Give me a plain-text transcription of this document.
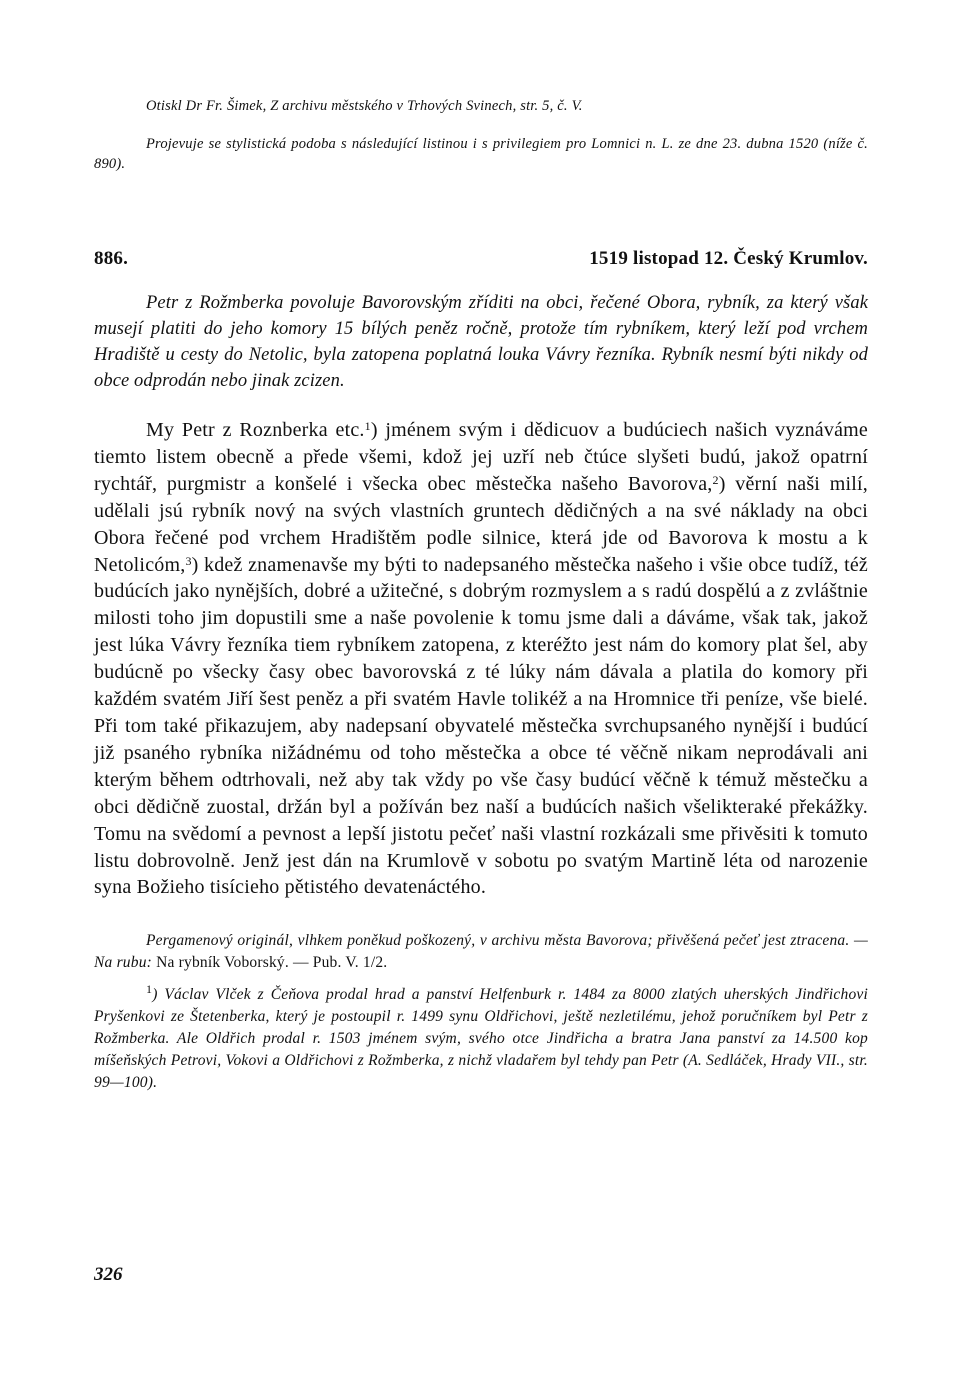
Otiskl Dr Fr. Šimek, Z archivu městského v Trhových Svinech, str. 5, č. V.

Projevuje se stylistická podoba s následující listinou i s privilegiem pro Lomnici n. L. ze dne 23. dubna 1520 (níže č. 890).

886.	1519 listopad 12. Český Krumlov.

Petr z Rožmberka povoluje Bavorovským zříditi na obci, řečené Obora, rybník, za který však musejí platiti do jeho komory 15 bílých peněz ročně, protože tím rybníkem, který leží pod vrchem Hradiště u cesty do Netolic, byla zatopena poplatná louka Vávry řezníka. Rybník nesmí býti nikdy od obce odprodán nebo jinak zcizen.

My Petr z Roznberka etc.$^1$) jménem svým i dědicuov a budúciech našich vyznáváme tiemto listem obecně a přede všemi, kdož jej uzří neb čtúce slyšeti budú, jakož opatrní rychtář, purgmistr a konšelé i všecka obec městečka našeho Bavorova,$^2$) věrní naši milí, udělali jsú rybník nový na svých vlastních gruntech dědičných a na své náklady na obci Obora řečené pod vrchem Hradištěm podle silnice, která jde od Bavorova k mostu a k Netolicóm,$^3$) kdež znamenavše my býti to nadepsaného městečka našeho i všie obce tudíž, též budúcích jako nynějších, dobré a užitečné, s dobrým rozmyslem a s radú dospělú a z zvláštnie milosti toho jim dopustili sme a naše povolenie k tomu jsme dali a dáváme, však tak, jakož jest lúka Vávry řezníka tiem rybníkem zatopena, z kteréžto jest nám do komory plat šel, aby budúcně po všecky časy obec bavorovská z té lúky nám dávala a platila do komory při každém svatém Jiří šest peněz a při svatém Havle tolikéž a na Hromnice tři peníze, vše bielé. Při tom také přikazujem, aby nadepsaní obyvatelé městečka svrchupsaného nynější i budúcí již psaného rybníka nižádnému od toho městečka a obce té věčně nikam neprodávali ani kterým během odtrhovali, než aby tak vždy po vše časy budúcí věčně k témuž městečku a obci dědičně zuostal, držán byl a požíván bez naší a budúcích našich všelikteraké překážky. Tomu na svědomí a pevnost a lepší jistotu pečeť naši vlastní rozkázali sme přivěsiti k tomuto listu dobrovolně. Jenž jest dán na Krumlově v sobotu po svatým Martině léta od narozenie syna Božieho tisícieho pětistého devatenáctého.

Pergamenový originál, vlhkem poněkud poškozený, v archivu města Bavorova; přivěšená pečeť jest ztracena. — Na rubu: Na rybník Voborský. — Pub. V. 1/2.

$^1$) Václav Vlček z Čeňova prodal hrad a panství Helfenburk r. 1484 za 8000 zlatých uherských Jindřichovi Pryšenkovi ze Štetenberka, který je postoupil r. 1499 synu Oldřichovi, ještě nezletilému, jehož poručníkem byl Petr z Rožmberka. Ale Oldřich prodal r. 1503 jménem svým, svého otce Jindřicha a bratra Jana panství za 14.500 kop míšeňských Petrovi, Vokovi a Oldřichovi z Rožmberka, z nichž vladařem byl tehdy pan Petr (A. Sedláček, Hrady VII., str. 99—100).

326
